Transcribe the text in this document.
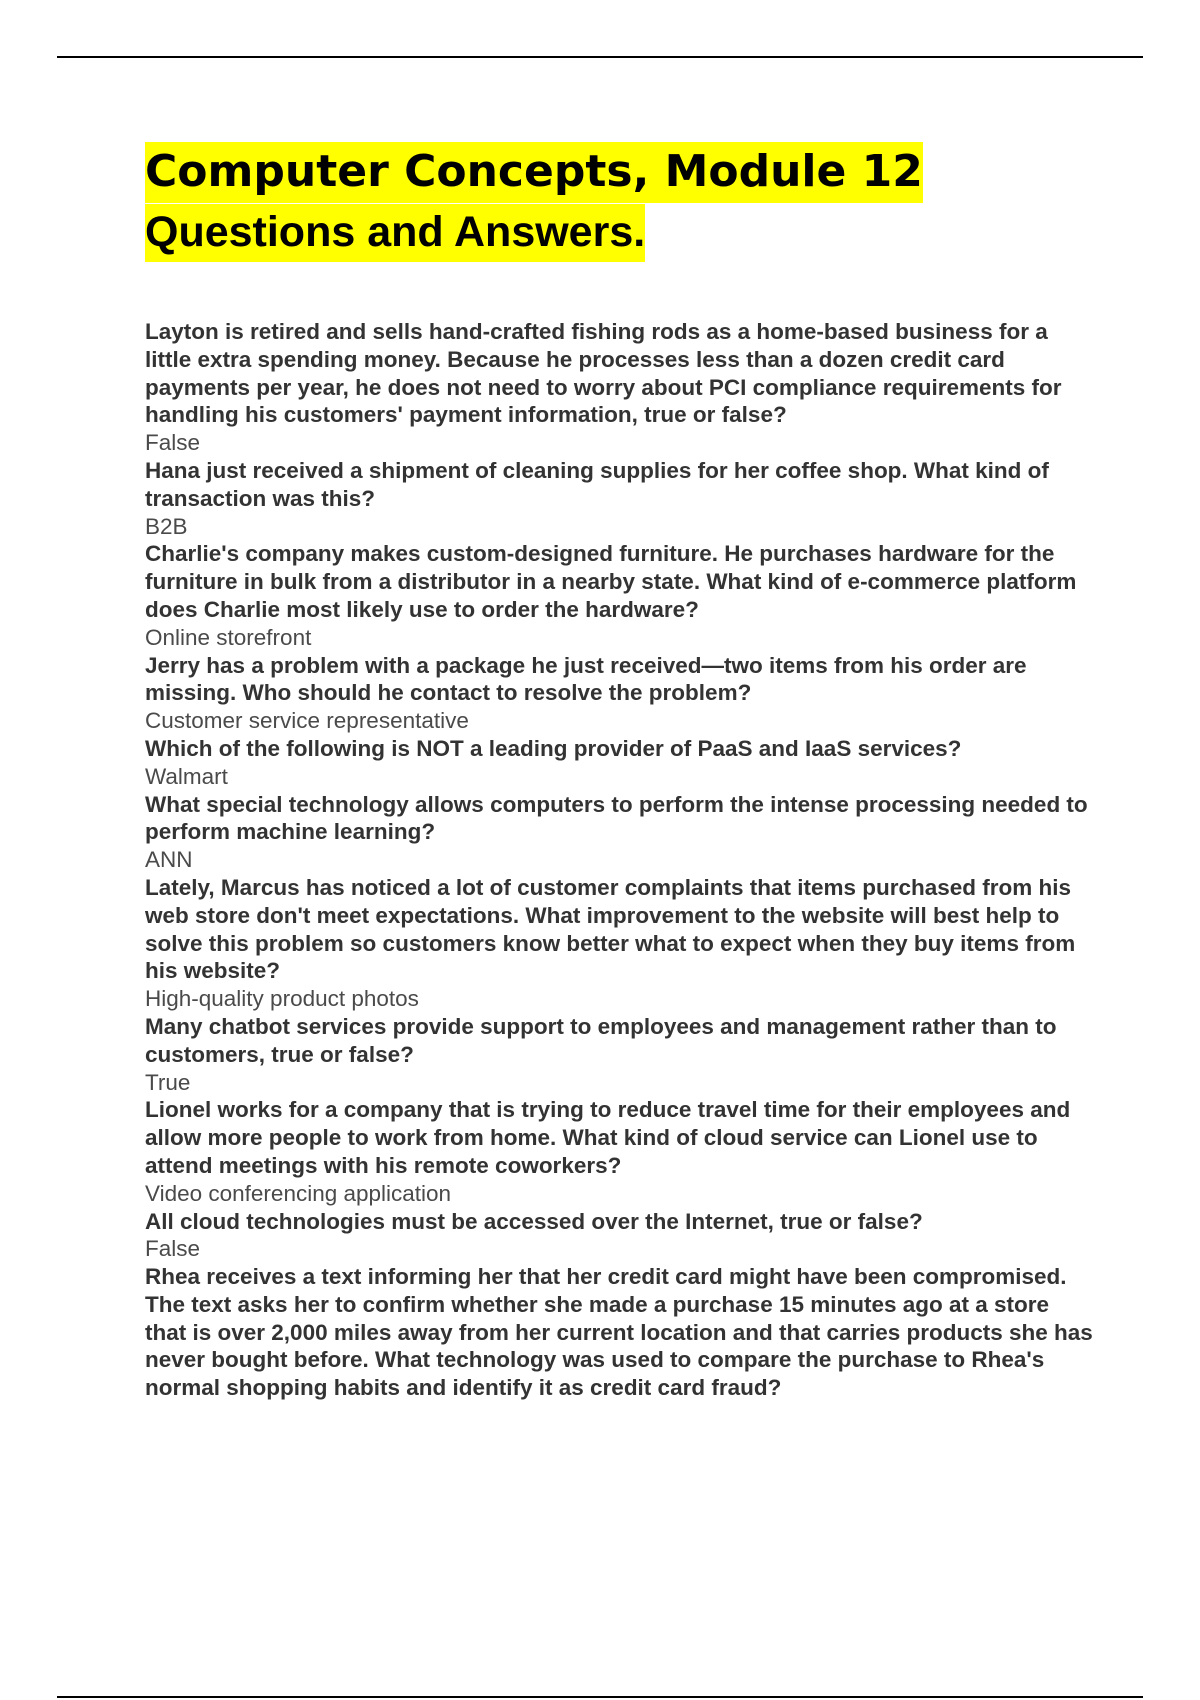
Computer Concepts, Module 12 Questions and Answers.

Layton is retired and sells hand-crafted fishing rods as a home-based business for a little extra spending money. Because he processes less than a dozen credit card payments per year, he does not need to worry about PCI compliance requirements for handling his customers' payment information, true or false?

False

Hana just received a shipment of cleaning supplies for her coffee shop. What kind of transaction was this?

B2B

Charlie's company makes custom-designed furniture. He purchases hardware for the furniture in bulk from a distributor in a nearby state. What kind of e-commerce platform does Charlie most likely use to order the hardware?

Online storefront

Jerry has a problem with a package he just received—two items from his order are missing. Who should he contact to resolve the problem?

Customer service representative

Which of the following is NOT a leading provider of PaaS and IaaS services?

Walmart

What special technology allows computers to perform the intense processing needed to perform machine learning?

ANN

Lately, Marcus has noticed a lot of customer complaints that items purchased from his web store don't meet expectations. What improvement to the website will best help to solve this problem so customers know better what to expect when they buy items from his website?

High-quality product photos

Many chatbot services provide support to employees and management rather than to customers, true or false?

True

Lionel works for a company that is trying to reduce travel time for their employees and allow more people to work from home. What kind of cloud service can Lionel use to attend meetings with his remote coworkers?

Video conferencing application

All cloud technologies must be accessed over the Internet, true or false?

False

Rhea receives a text informing her that her credit card might have been compromised. The text asks her to confirm whether she made a purchase 15 minutes ago at a store that is over 2,000 miles away from her current location and that carries products she has never bought before. What technology was used to compare the purchase to Rhea's normal shopping habits and identify it as credit card fraud?
